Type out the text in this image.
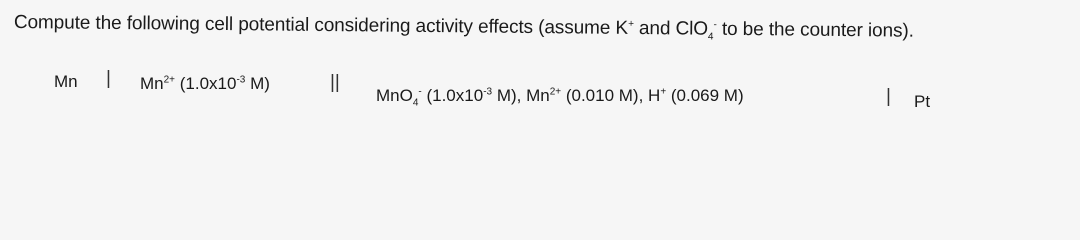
Compute the following cell potential considering activity effects (assume K+ and ClO$_4$- to be the counter ions).
Mn | $Mn^{2+}$ ($1.0x10^{-3}$ M)	||
MnO$_4$- ($1.0x10^{-3}$ M), $Mn^{2+}$ (0.010 M), H+ (0.069 M)	| Pt
